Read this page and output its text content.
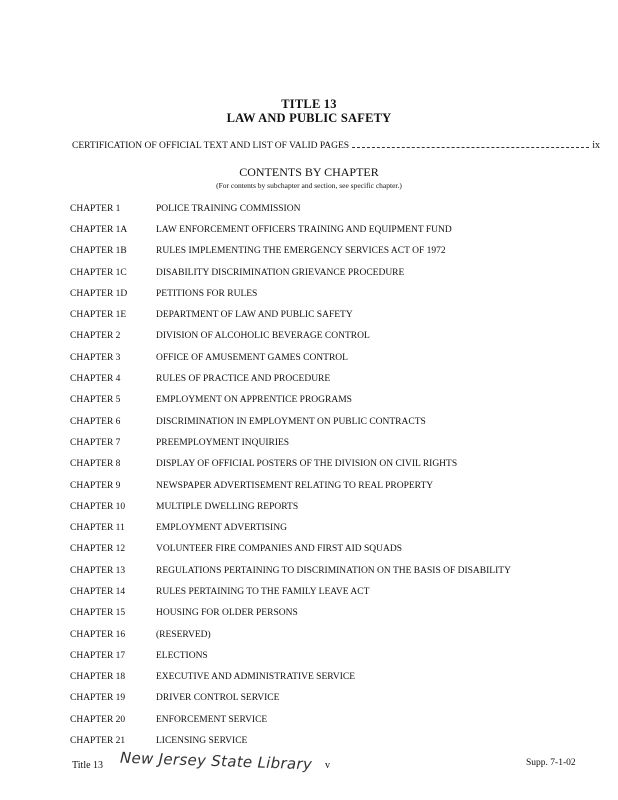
TITLE 13
LAW AND PUBLIC SAFETY
CERTIFICATION OF OFFICIAL TEXT AND LIST OF VALID PAGES	ix
CONTENTS BY CHAPTER
(For contents by subchapter and section, see specific chapter.)
CHAPTER 1	POLICE TRAINING COMMISSION
CHAPTER 1A	LAW ENFORCEMENT OFFICERS TRAINING AND EQUIPMENT FUND
CHAPTER 1B	RULES IMPLEMENTING THE EMERGENCY SERVICES ACT OF 1972
CHAPTER 1C	DISABILITY DISCRIMINATION GRIEVANCE PROCEDURE
CHAPTER 1D	PETITIONS FOR RULES
CHAPTER 1E	DEPARTMENT OF LAW AND PUBLIC SAFETY
CHAPTER 2	DIVISION OF ALCOHOLIC BEVERAGE CONTROL
CHAPTER 3	OFFICE OF AMUSEMENT GAMES CONTROL
CHAPTER 4	RULES OF PRACTICE AND PROCEDURE
CHAPTER 5	EMPLOYMENT ON APPRENTICE PROGRAMS
CHAPTER 6	DISCRIMINATION IN EMPLOYMENT ON PUBLIC CONTRACTS
CHAPTER 7	PREEMPLOYMENT INQUIRIES
CHAPTER 8	DISPLAY OF OFFICIAL POSTERS OF THE DIVISION ON CIVIL RIGHTS
CHAPTER 9	NEWSPAPER ADVERTISEMENT RELATING TO REAL PROPERTY
CHAPTER 10	MULTIPLE DWELLING REPORTS
CHAPTER 11	EMPLOYMENT ADVERTISING
CHAPTER 12	VOLUNTEER FIRE COMPANIES AND FIRST AID SQUADS
CHAPTER 13	REGULATIONS PERTAINING TO DISCRIMINATION ON THE BASIS OF DISABILITY
CHAPTER 14	RULES PERTAINING TO THE FAMILY LEAVE ACT
CHAPTER 15	HOUSING FOR OLDER PERSONS
CHAPTER 16	(RESERVED)
CHAPTER 17	ELECTIONS
CHAPTER 18	EXECUTIVE AND ADMINISTRATIVE SERVICE
CHAPTER 19	DRIVER CONTROL SERVICE
CHAPTER 20	ENFORCEMENT SERVICE
CHAPTER 21	LICENSING SERVICE
Title 13 New Jersey State Library v	Supp. 7-1-02
